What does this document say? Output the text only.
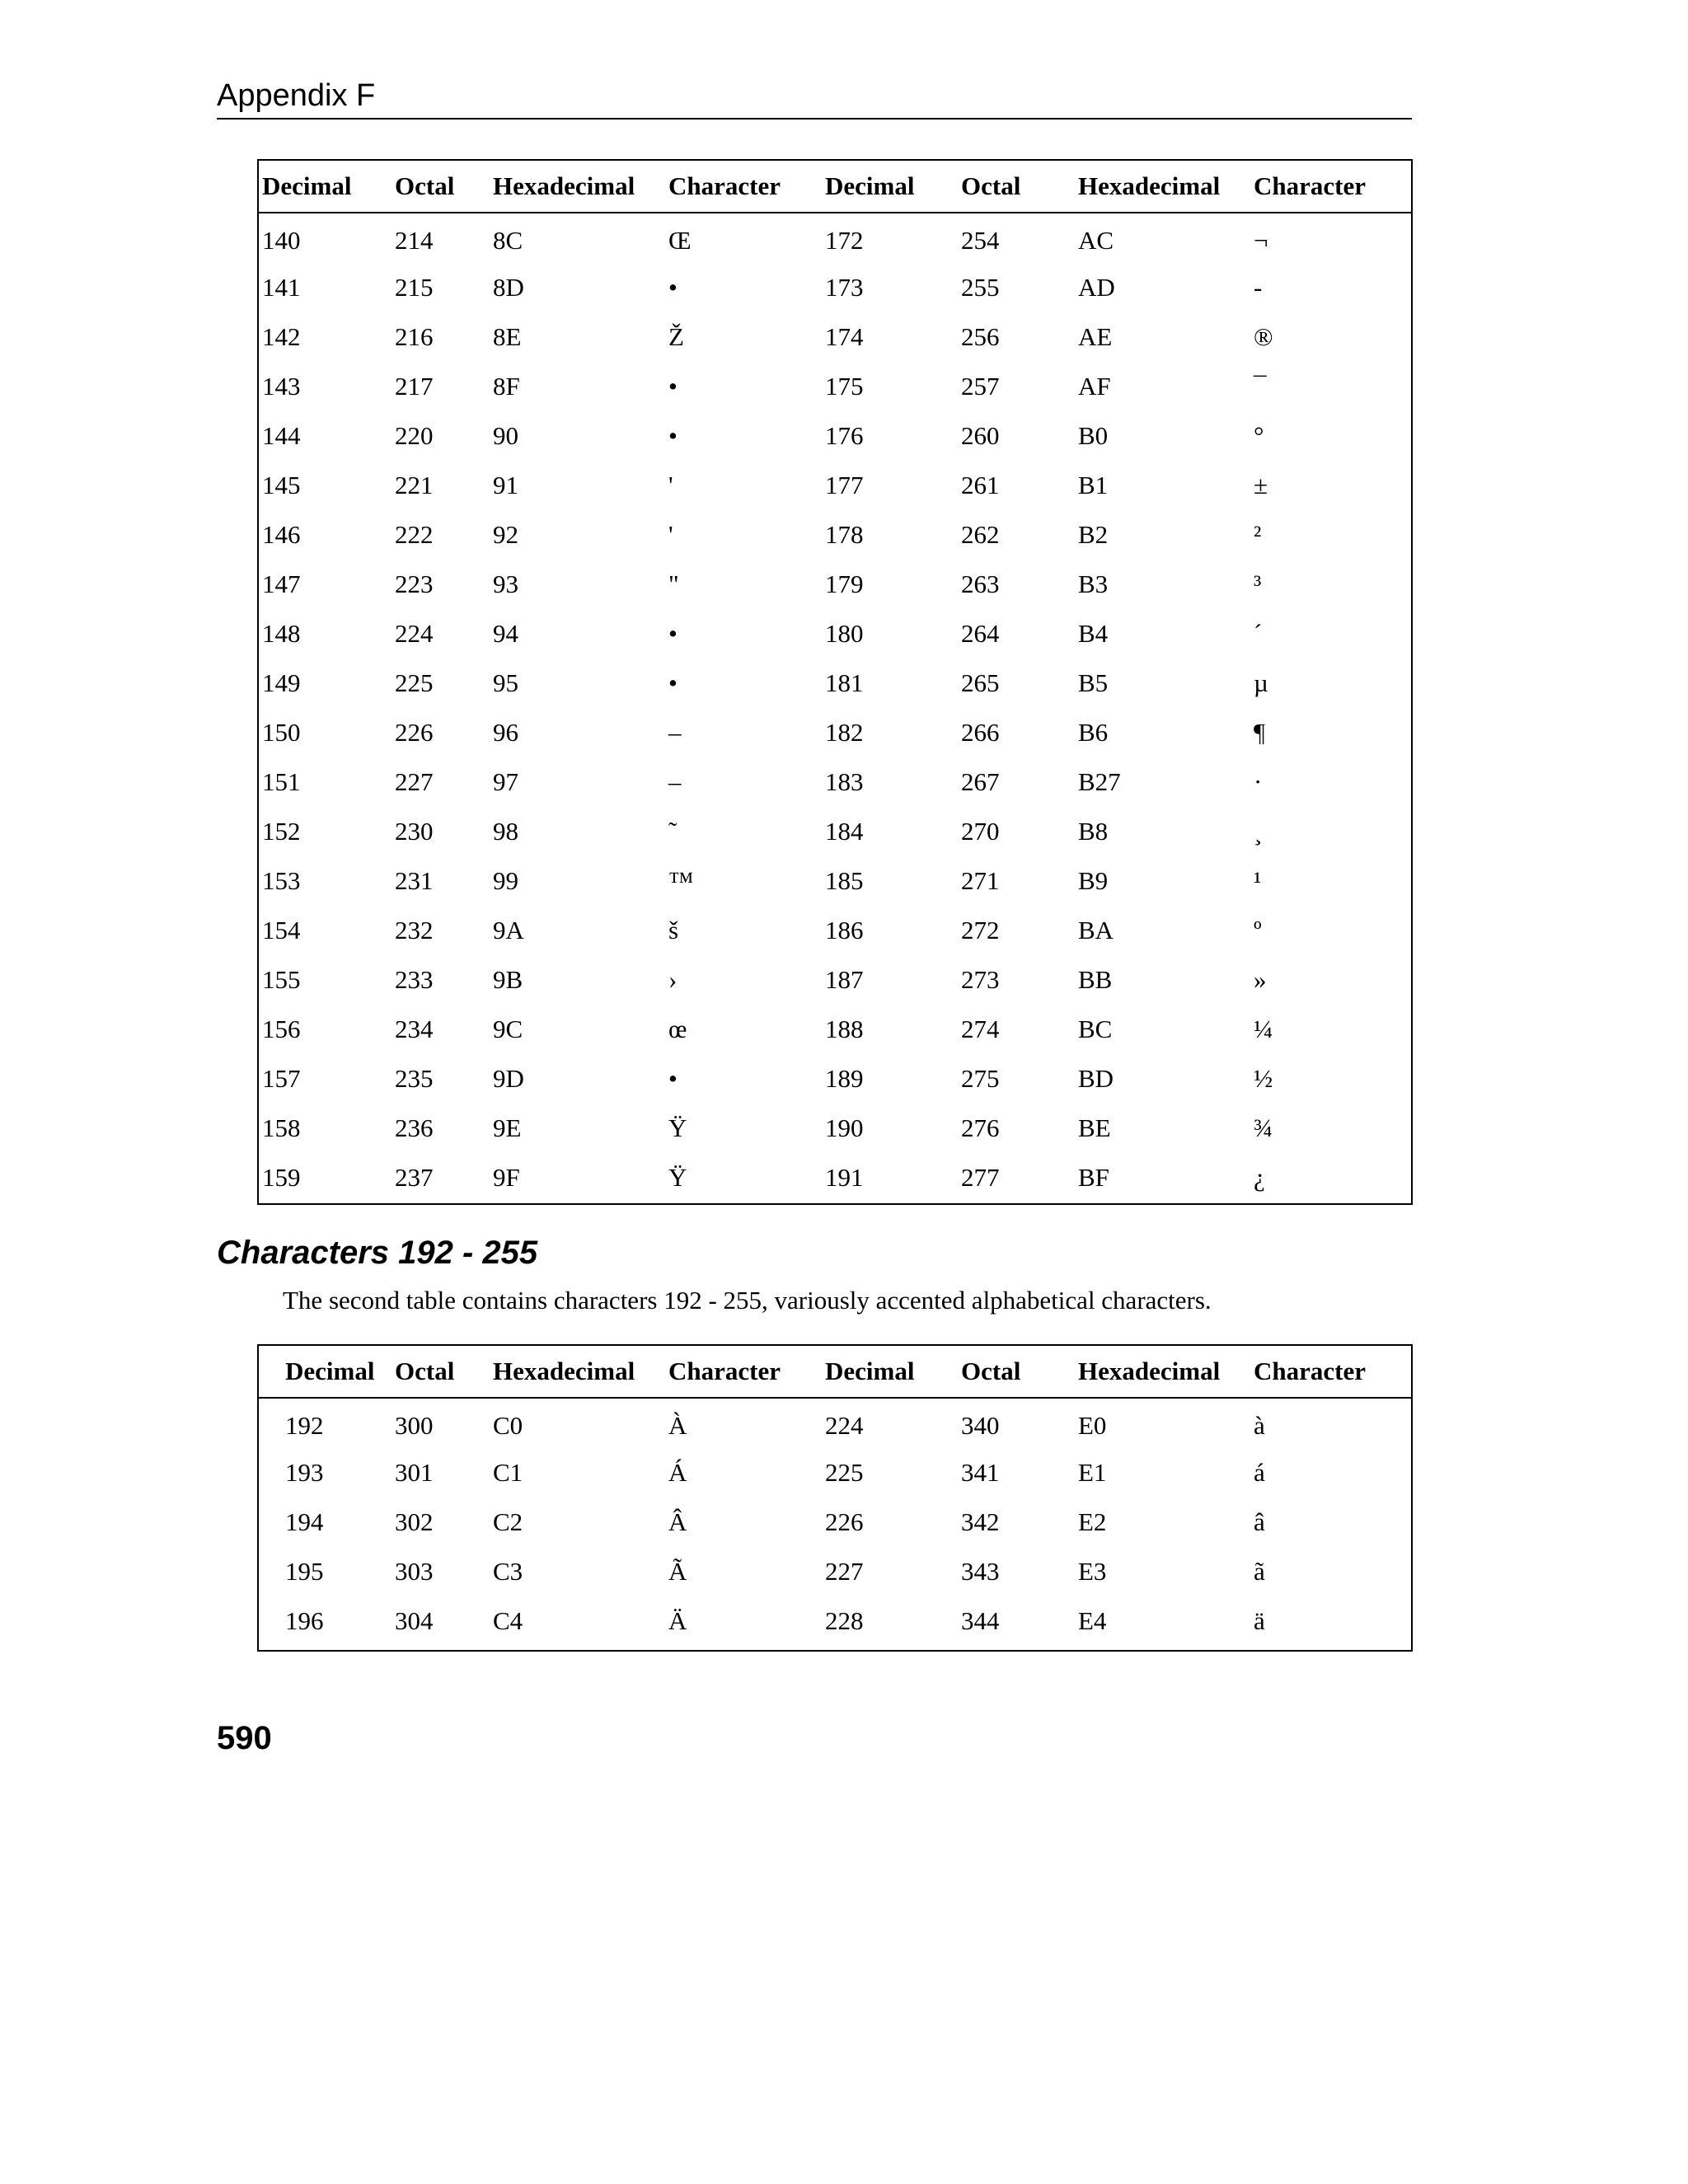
Appendix F
Decimal	Octal	Hexadecimal	Character	Decimal	Octal	Hexadecimal	Character
140	214	8C	Œ	172	254	AC	¬
141	215	8D	•	173	255	AD	-
142	216	8E	Ž	174	256	AE	®
143	217	8F	•	175	257	AF	¯
144	220	90	•	176	260	B0	°
145	221	91	'	177	261	B1	±
146	222	92	'	178	262	B2	²
147	223	93	"	179	263	B3	³
148	224	94	•	180	264	B4	´
149	225	95	•	181	265	B5	µ
150	226	96	–	182	266	B6	¶
151	227	97	–	183	267	B27	·
152	230	98	˜	184	270	B8	¸
153	231	99	™	185	271	B9	¹
154	232	9A	š	186	272	BA	º
155	233	9B	›	187	273	BB	»
156	234	9C	œ	188	274	BC	¼
157	235	9D	•	189	275	BD	½
158	236	9E	Ÿ	190	276	BE	¾
159	237	9F	Ÿ	191	277	BF	¿
Characters 192 - 255

The second table contains characters 192 - 255, variously accented alphabetical characters.

Decimal	Octal	Hexadecimal	Character	Decimal	Octal	Hexadecimal	Character
192	300	C0	À	224	340	E0	à
193	301	C1	Á	225	341	E1	á
194	302	C2	Â	226	342	E2	â
195	303	C3	Ã	227	343	E3	ã
196	304	C4	Ä	228	344	E4	ä
590
